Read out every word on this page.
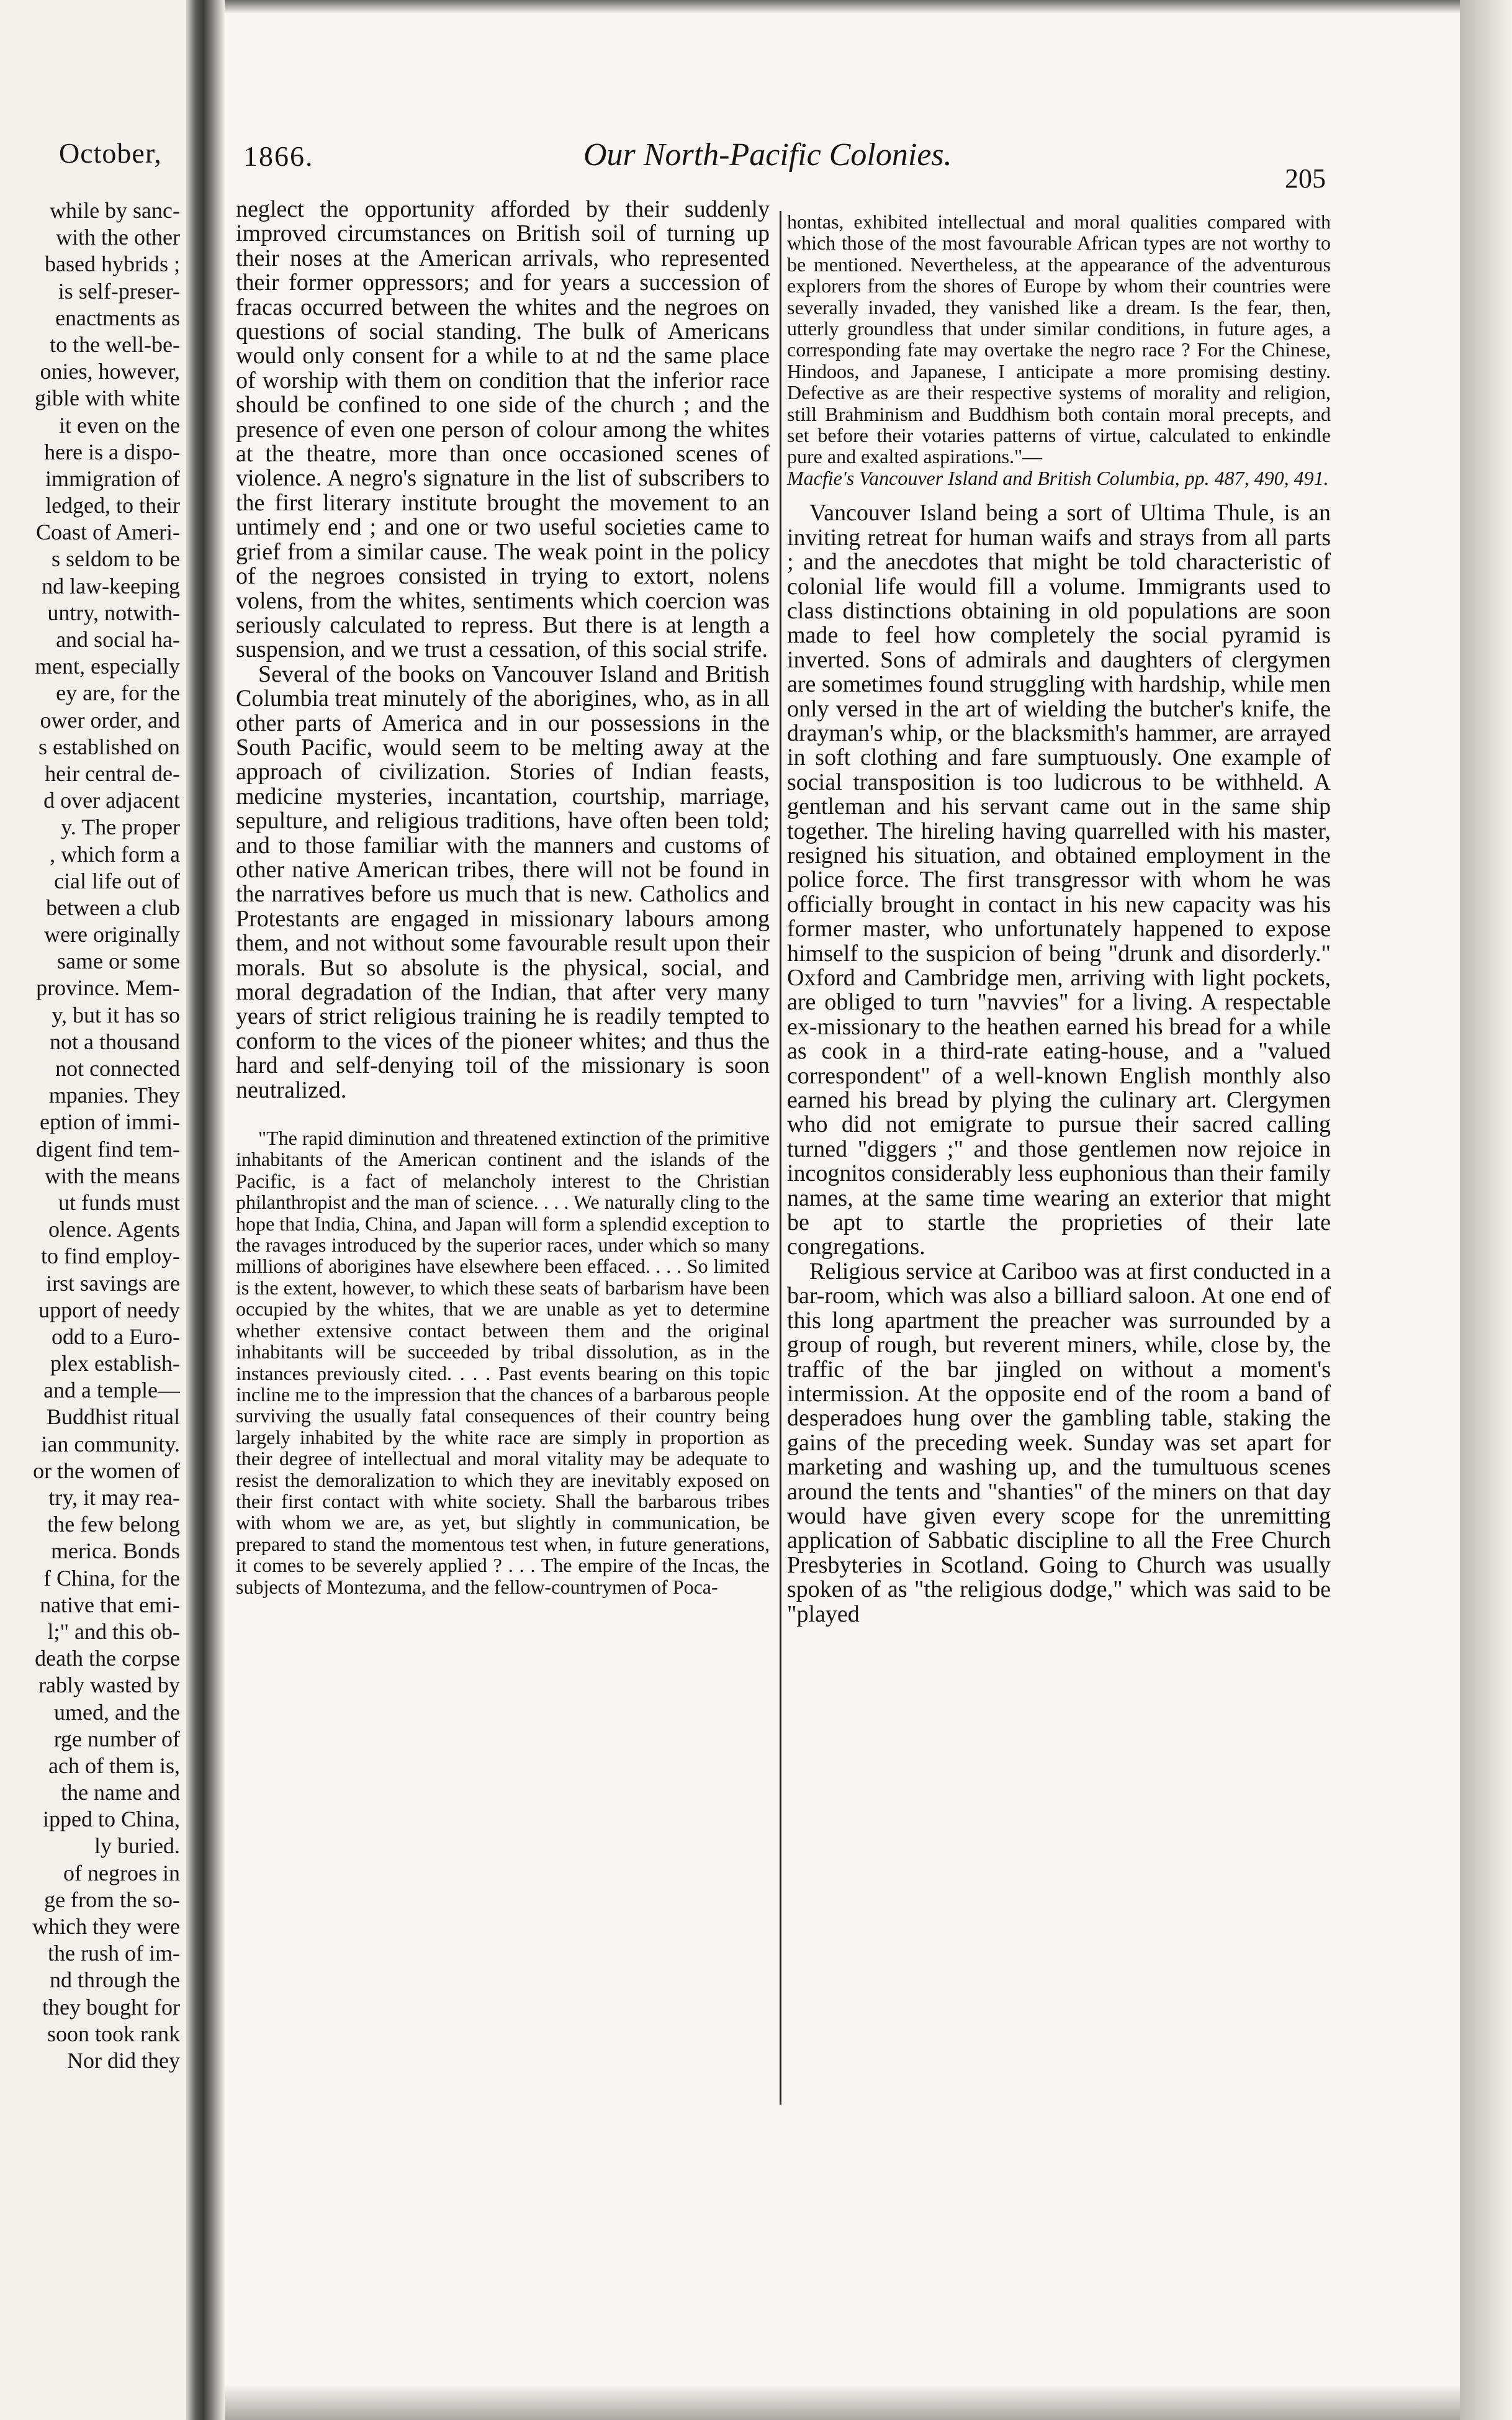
October,
while by sanc-
with the other
based hybrids ;
is self-preser-
enactments as
to the well-be-
onies, however,
gible with white
it even on the
here is a dispo-
immigration of
ledged, to their
Coast of Ameri-
s seldom to be
nd law-keeping
untry, notwith-
and social ha-
ment, especially
ey are, for the
ower order, and
s established on
heir central de-
d over adjacent
y. The proper
, which form a
cial life out of
between a club
were originally
same or some
province. Mem-
y, but it has so
not a thousand
not connected
mpanies. They
eption of immi-
digent find tem-
with the means
ut funds must
olence. Agents
to find employ-
irst savings are
upport of needy
odd to a Euro-
plex establish-
and a temple—
Buddhist ritual
ian community.
or the women of
try, it may rea-
the few belong
merica. Bonds
f China, for the
native that emi-
l;" and this ob-
death the corpse
rably wasted by
umed, and the
rge number of
ach of them is,
the name and
ipped to China,
ly buried.
of negroes in
ge from the so-
which they were
the rush of im-
nd through the
they bought for
soon took rank
Nor did they
1866.	Our North-Pacific Colonies.
205

neglect the opportunity afforded by their suddenly improved circumstances on British soil of turning up their noses at the American arrivals, who represented their former oppressors; and for years a succession of fracas occurred between the whites and the negroes on questions of social standing. The bulk of Americans would only consent for a while to at ⁠nd the same place of worship with them on condition that the inferior race should be confined to one side of the church ; and the presence of even one person of colour among the whites at the theatre, more than once occasioned scenes of violence. A negro's signature in the list of subscribers to the first literary institute brought the movement to an untimely end ; and one or two useful societies came to grief from a similar cause. The weak point in the policy of the negroes consisted in trying to extort, nolens volens, from the whites, sentiments which coercion was seriously calculated to repress. But there is at length a suspension, and we trust a cessation, of this social strife.

Several of the books on Vancouver Island and British Columbia treat minutely of the aborigines, who, as in all other parts of America and in our possessions in the South Pacific, would seem to be melting away at the approach of civilization. Stories of Indian feasts, medicine mysteries, incantation, courtship, marriage, sepulture, and religious traditions, have often been told; and to those familiar with the manners and customs of other native American tribes, there will not be found in the narratives before us much that is new. Catholics and Protestants are engaged in missionary labours among them, and not without some favourable result upon their morals. But so absolute is the physical, social, and moral degradation of the Indian, that after very many years of strict religious training he is readily tempted to conform to the vices of the pioneer whites; and thus the hard and self-denying toil of the missionary is soon neutralized.

"The rapid diminution and threatened extinction of the primitive inhabitants of the American continent and the islands of the Pacific, is a fact of melancholy interest to the Christian philanthropist and the man of science. . . . We naturally cling to the hope that India, China, and Japan will form a splendid exception to the ravages introduced by the superior races, under which so many millions of aborigines have elsewhere been effaced. . . . So limited is the extent, however, to which these seats of barbarism have been occupied by the whites, that we are unable as yet to determine whether extensive contact between them and the original inhabitants will be succeeded by tribal dissolution, as in the instances previously cited. . . . Past events bearing on this topic incline me to the impression that the chances of a barbarous people surviving the usually fatal consequences of their country being largely inhabited by the white race are simply in proportion as their degree of intellectual and moral vitality may be adequate to resist the demoralization to which they are inevitably exposed on their first contact with white society. Shall the barbarous tribes with whom we are, as yet, but slightly in communication, be prepared to stand the momentous test when, in future generations, it comes to be severely applied ? . . . The empire of the Incas, the subjects of Montezuma, and the fellow-countrymen of Poca-

hontas, exhibited intellectual and moral qualities compared with which those of the most favourable African types are not worthy to be mentioned. Nevertheless, at the appearance of the adventurous explorers from the shores of Europe by whom their countries were severally invaded, they vanished like a dream. Is the fear, then, utterly groundless that under similar conditions, in future ages, a corresponding fate may overtake the negro race ? For the Chinese, Hindoos, and Japanese, I anticipate a more promising destiny. Defective as are their respective systems of morality and religion, still Brahminism and Buddhism both contain moral precepts, and set before their votaries patterns of virtue, calculated to enkindle pure and exalted aspirations."—

Macfie's Vancouver Island and British Columbia, pp. 487, 490, 491.

Vancouver Island being a sort of Ultima Thule, is an inviting retreat for human waifs and strays from all parts ; and the anecdotes that might be told characteristic of colonial life would fill a volume. Immigrants used to class distinctions obtaining in old populations are soon made to feel how completely the social pyramid is inverted. Sons of admirals and daughters of clergymen are sometimes found struggling with hardship, while men only versed in the art of wielding the butcher's knife, the drayman's whip, or the blacksmith's hammer, are arrayed in soft clothing and fare sumptuously. One example of social transposition is too ludicrous to be withheld. A gentleman and his servant came out in the same ship together. The hireling having quarrelled with his master, resigned his situation, and obtained employment in the police force. The first transgressor with whom he was officially brought in contact in his new capacity was his former master, who unfortunately happened to expose himself to the suspicion of being "drunk and disorderly." Oxford and Cambridge men, arriving with light pockets, are obliged to turn "navvies" for a living. A respectable ex-missionary to the heathen earned his bread for a while as cook in a third-rate eating-house, and a "valued correspondent" of a well-known English monthly also earned his bread by plying the culinary art. Clergymen who did not emigrate to pursue their sacred calling turned "diggers ;" and those gentlemen now rejoice in incognitos considerably less euphonious than their family names, at the same time wearing an exterior that might be apt to startle the proprieties of their late congregations.

Religious service at Cariboo was at first conducted in a bar-room, which was also a billiard saloon. At one end of this long apartment the preacher was surrounded by a group of rough, but reverent miners, while, close by, the traffic of the bar jingled on without a moment's intermission. At the opposite end of the room a band of desperadoes hung over the gambling table, staking the gains of the preceding week. Sunday was set apart for marketing and washing up, and the tumultuous scenes around the tents and "shanties" of the miners on that day would have given every scope for the unremitting application of Sabbatic discipline to all the Free Church Presbyteries in Scotland. Going to Church was usually spoken of as "the religious dodge," which was said to be "played
